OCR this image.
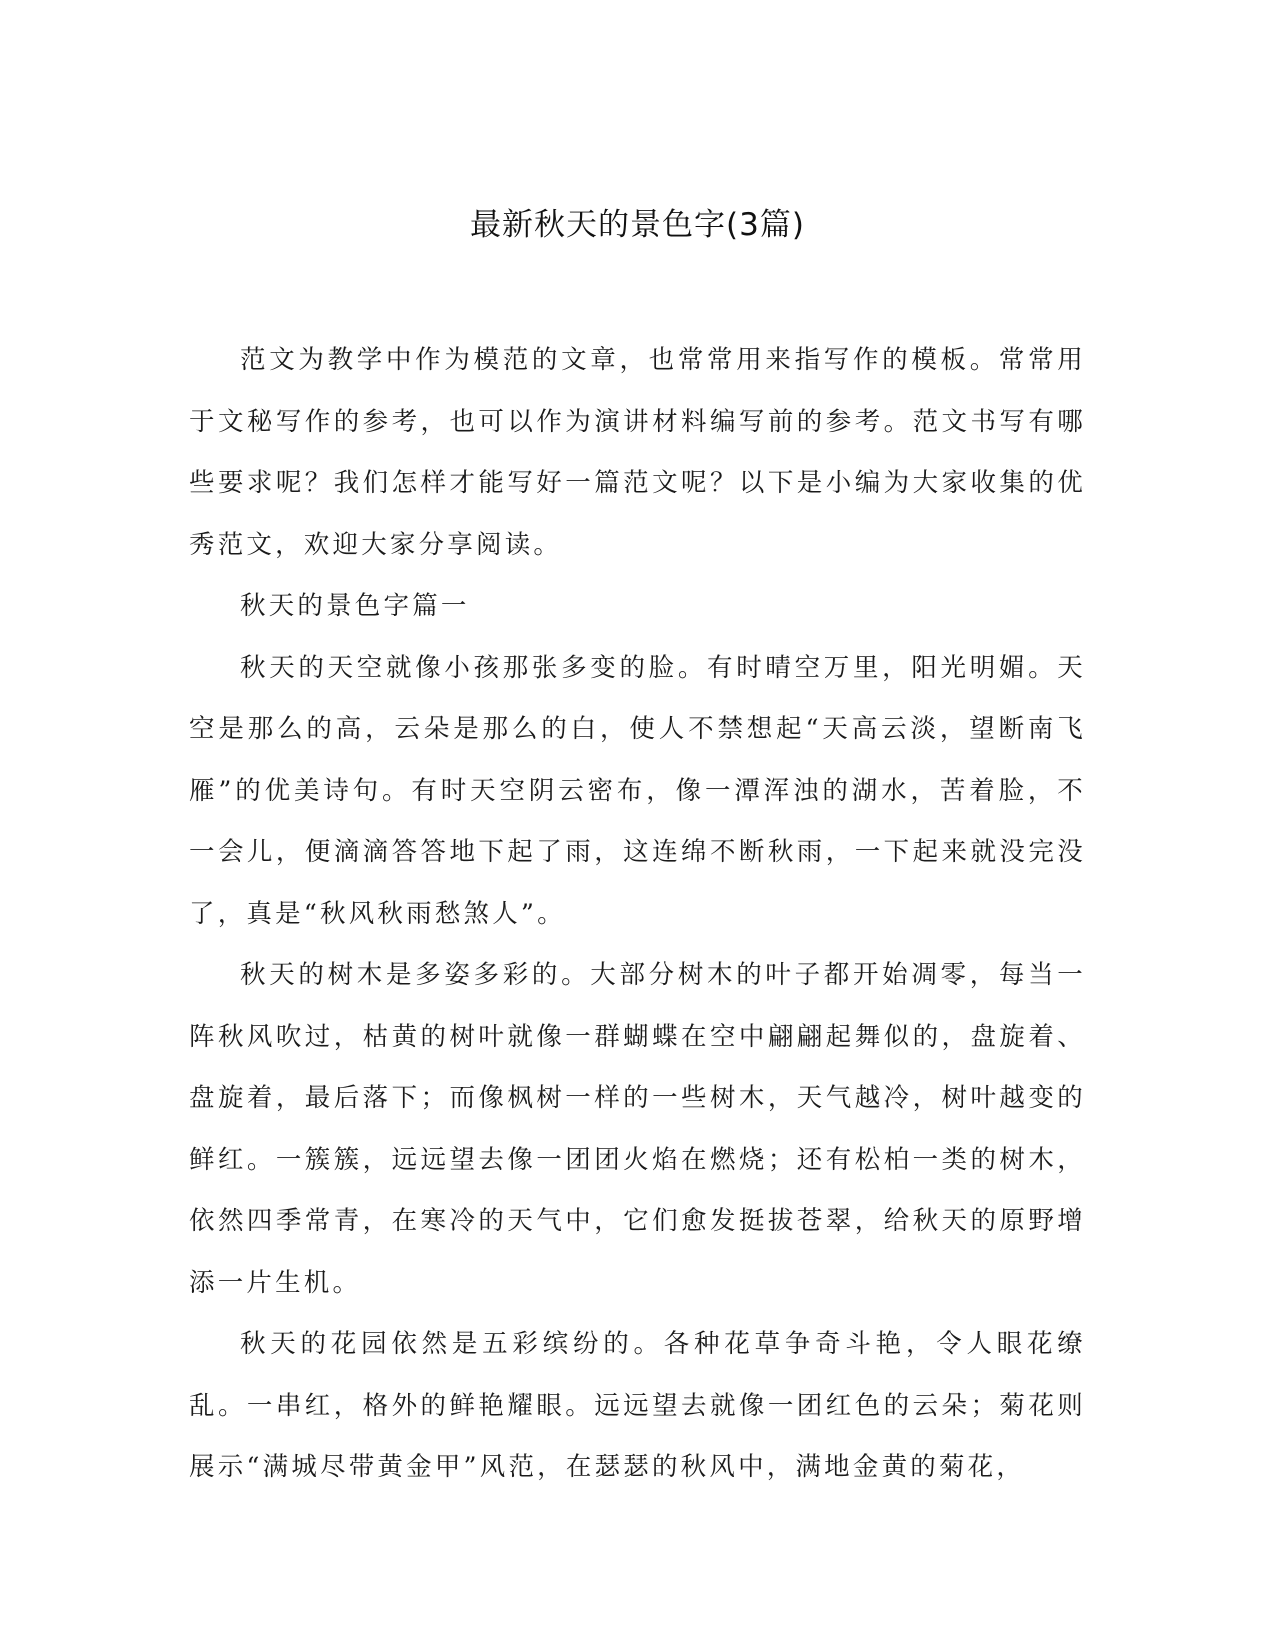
最新秋天的景色字(3篇)

范文为教学中作为模范的文章，也常常用来指写作的模板。常常用于文秘写作的参考，也可以作为演讲材料编写前的参考。范文书写有哪些要求呢？我们怎样才能写好一篇范文呢？以下是小编为大家收集的优秀范文，欢迎大家分享阅读。

秋天的景色字篇一

秋天的天空就像小孩那张多变的脸。有时晴空万里，阳光明媚。天空是那么的高，云朵是那么的白，使人不禁想起“天高云淡，望断南飞雁”的优美诗句。有时天空阴云密布，像一潭浑浊的湖水，苦着脸，不一会儿，便滴滴答答地下起了雨，这连绵不断秋雨，一下起来就没完没了，真是“秋风秋雨愁煞人”。

秋天的树木是多姿多彩的。大部分树木的叶子都开始凋零，每当一阵秋风吹过，枯黄的树叶就像一群蝴蝶在空中翩翩起舞似的，盘旋着、盘旋着，最后落下；而像枫树一样的一些树木，天气越冷，树叶越变的鲜红。一簇簇，远远望去像一团团火焰在燃烧；还有松柏一类的树木，依然四季常青，在寒冷的天气中，它们愈发挺拔苍翠，给秋天的原野增添一片生机。

秋天的花园依然是五彩缤纷的。各种花草争奇斗艳，令人眼花缭乱。一串红，格外的鲜艳耀眼。远远望去就像一团红色的云朵；菊花则展示“满城尽带黄金甲”风范，在瑟瑟的秋风中，满地金黄的菊花，
